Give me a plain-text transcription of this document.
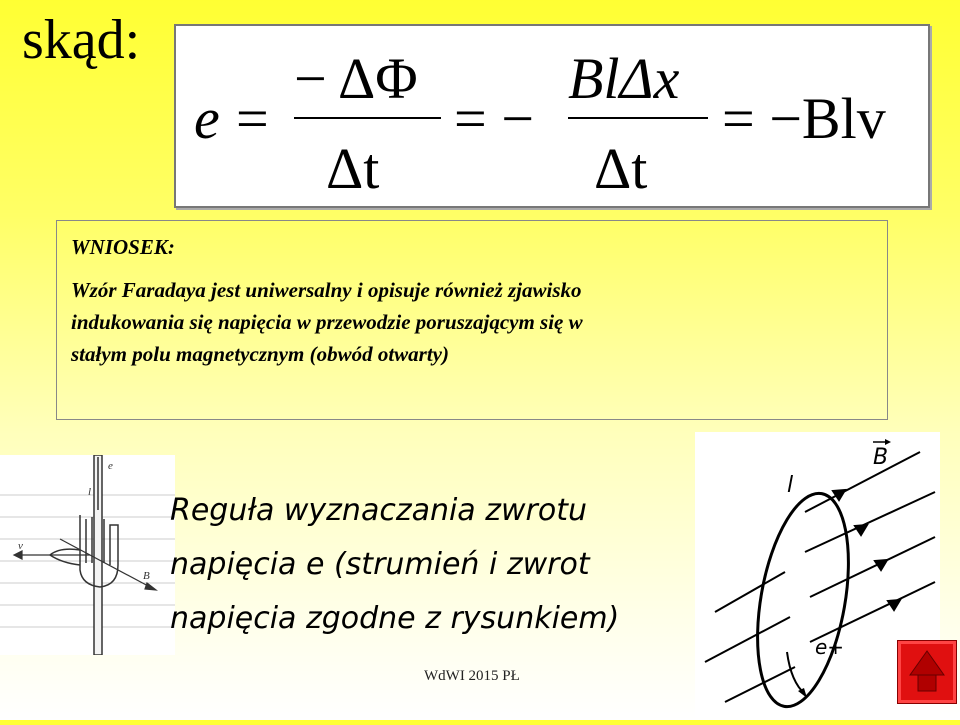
skąd:
e =
− ΔΦ
Δt
= −
BlΔx
Δt
= −Blv
WNIOSEK:
Wzór Faradaya jest uniwersalny i opisuje również zjawisko
indukowania się napięcia w przewodzie poruszającym się w
stałym polu magnetycznym (obwód otwarty)
e
l
v
B
Reguła wyznaczania zwrotu
napięcia e (strumień i zwrot
napięcia zgodne z rysunkiem)
B
l
e+
WdWI 2015 PŁ
